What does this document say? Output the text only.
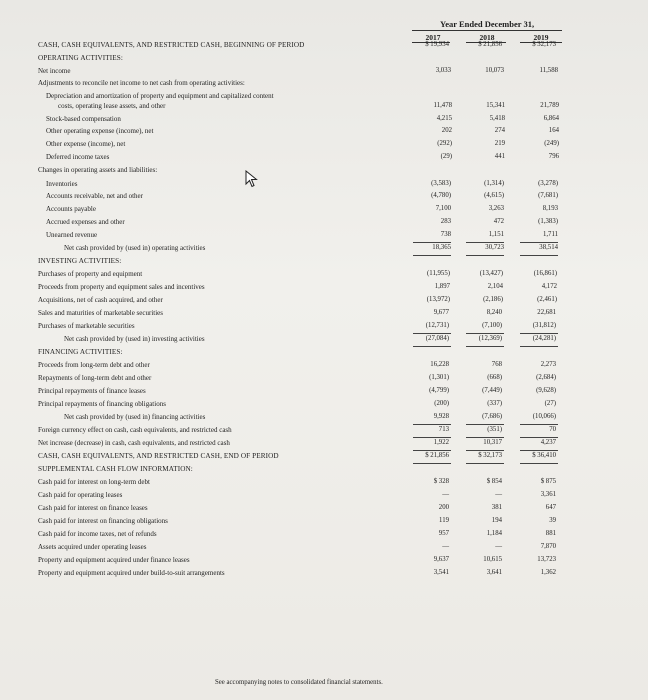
Year Ended December 31,
2017	2018	2019
CASH, CASH EQUIVALENTS, AND RESTRICTED CASH, BEGINNING OF PERIOD	$ 19,934	$ 21,856	$ 32,173
OPERATING ACTIVITIES:
Net income	3,033	10,073	11,588
Adjustments to reconcile net income to net cash from operating activities:
Depreciation and amortization of property and equipment and capitalized content
costs, operating lease assets, and other	11,478	15,341	21,789
Stock-based compensation	4,215	5,418	6,864
Other operating expense (income), net	202	274	164
Other expense (income), net	(292)	219	(249)
Deferred income taxes	(29)	441	796
Changes in operating assets and liabilities:
Inventories	(3,583)	(1,314)	(3,278)
Accounts receivable, net and other	(4,780)	(4,615)	(7,681)
Accounts payable	7,100	3,263	8,193
Accrued expenses and other	283	472	(1,383)
Unearned revenue	738	1,151	1,711
Net cash provided by (used in) operating activities	18,365	30,723	38,514
INVESTING ACTIVITIES:
Purchases of property and equipment	(11,955)	(13,427)	(16,861)
Proceeds from property and equipment sales and incentives	1,897	2,104	4,172
Acquisitions, net of cash acquired, and other	(13,972)	(2,186)	(2,461)
Sales and maturities of marketable securities	9,677	8,240	22,681
Purchases of marketable securities	(12,731)	(7,100)	(31,812)
Net cash provided by (used in) investing activities	(27,084)	(12,369)	(24,281)
FINANCING ACTIVITIES:
Proceeds from long-term debt and other	16,228	768	2,273
Repayments of long-term debt and other	(1,301)	(668)	(2,684)
Principal repayments of finance leases	(4,799)	(7,449)	(9,628)
Principal repayments of financing obligations	(200)	(337)	(27)
Net cash provided by (used in) financing activities	9,928	(7,686)	(10,066)
Foreign currency effect on cash, cash equivalents, and restricted cash	713	(351)	70
Net increase (decrease) in cash, cash equivalents, and restricted cash	1,922	10,317	4,237
CASH, CASH EQUIVALENTS, AND RESTRICTED CASH, END OF PERIOD	$ 21,856	$ 32,173	$ 36,410
SUPPLEMENTAL CASH FLOW INFORMATION:
Cash paid for interest on long-term debt	$ 328	$ 854	$ 875
Cash paid for operating leases	—	—	3,361
Cash paid for interest on finance leases	200	381	647
Cash paid for interest on financing obligations	119	194	39
Cash paid for income taxes, net of refunds	957	1,184	881
Assets acquired under operating leases	—	—	7,870
Property and equipment acquired under finance leases	9,637	10,615	13,723
Property and equipment acquired under build-to-suit arrangements	3,541	3,641	1,362
See accompanying notes to consolidated financial statements.
